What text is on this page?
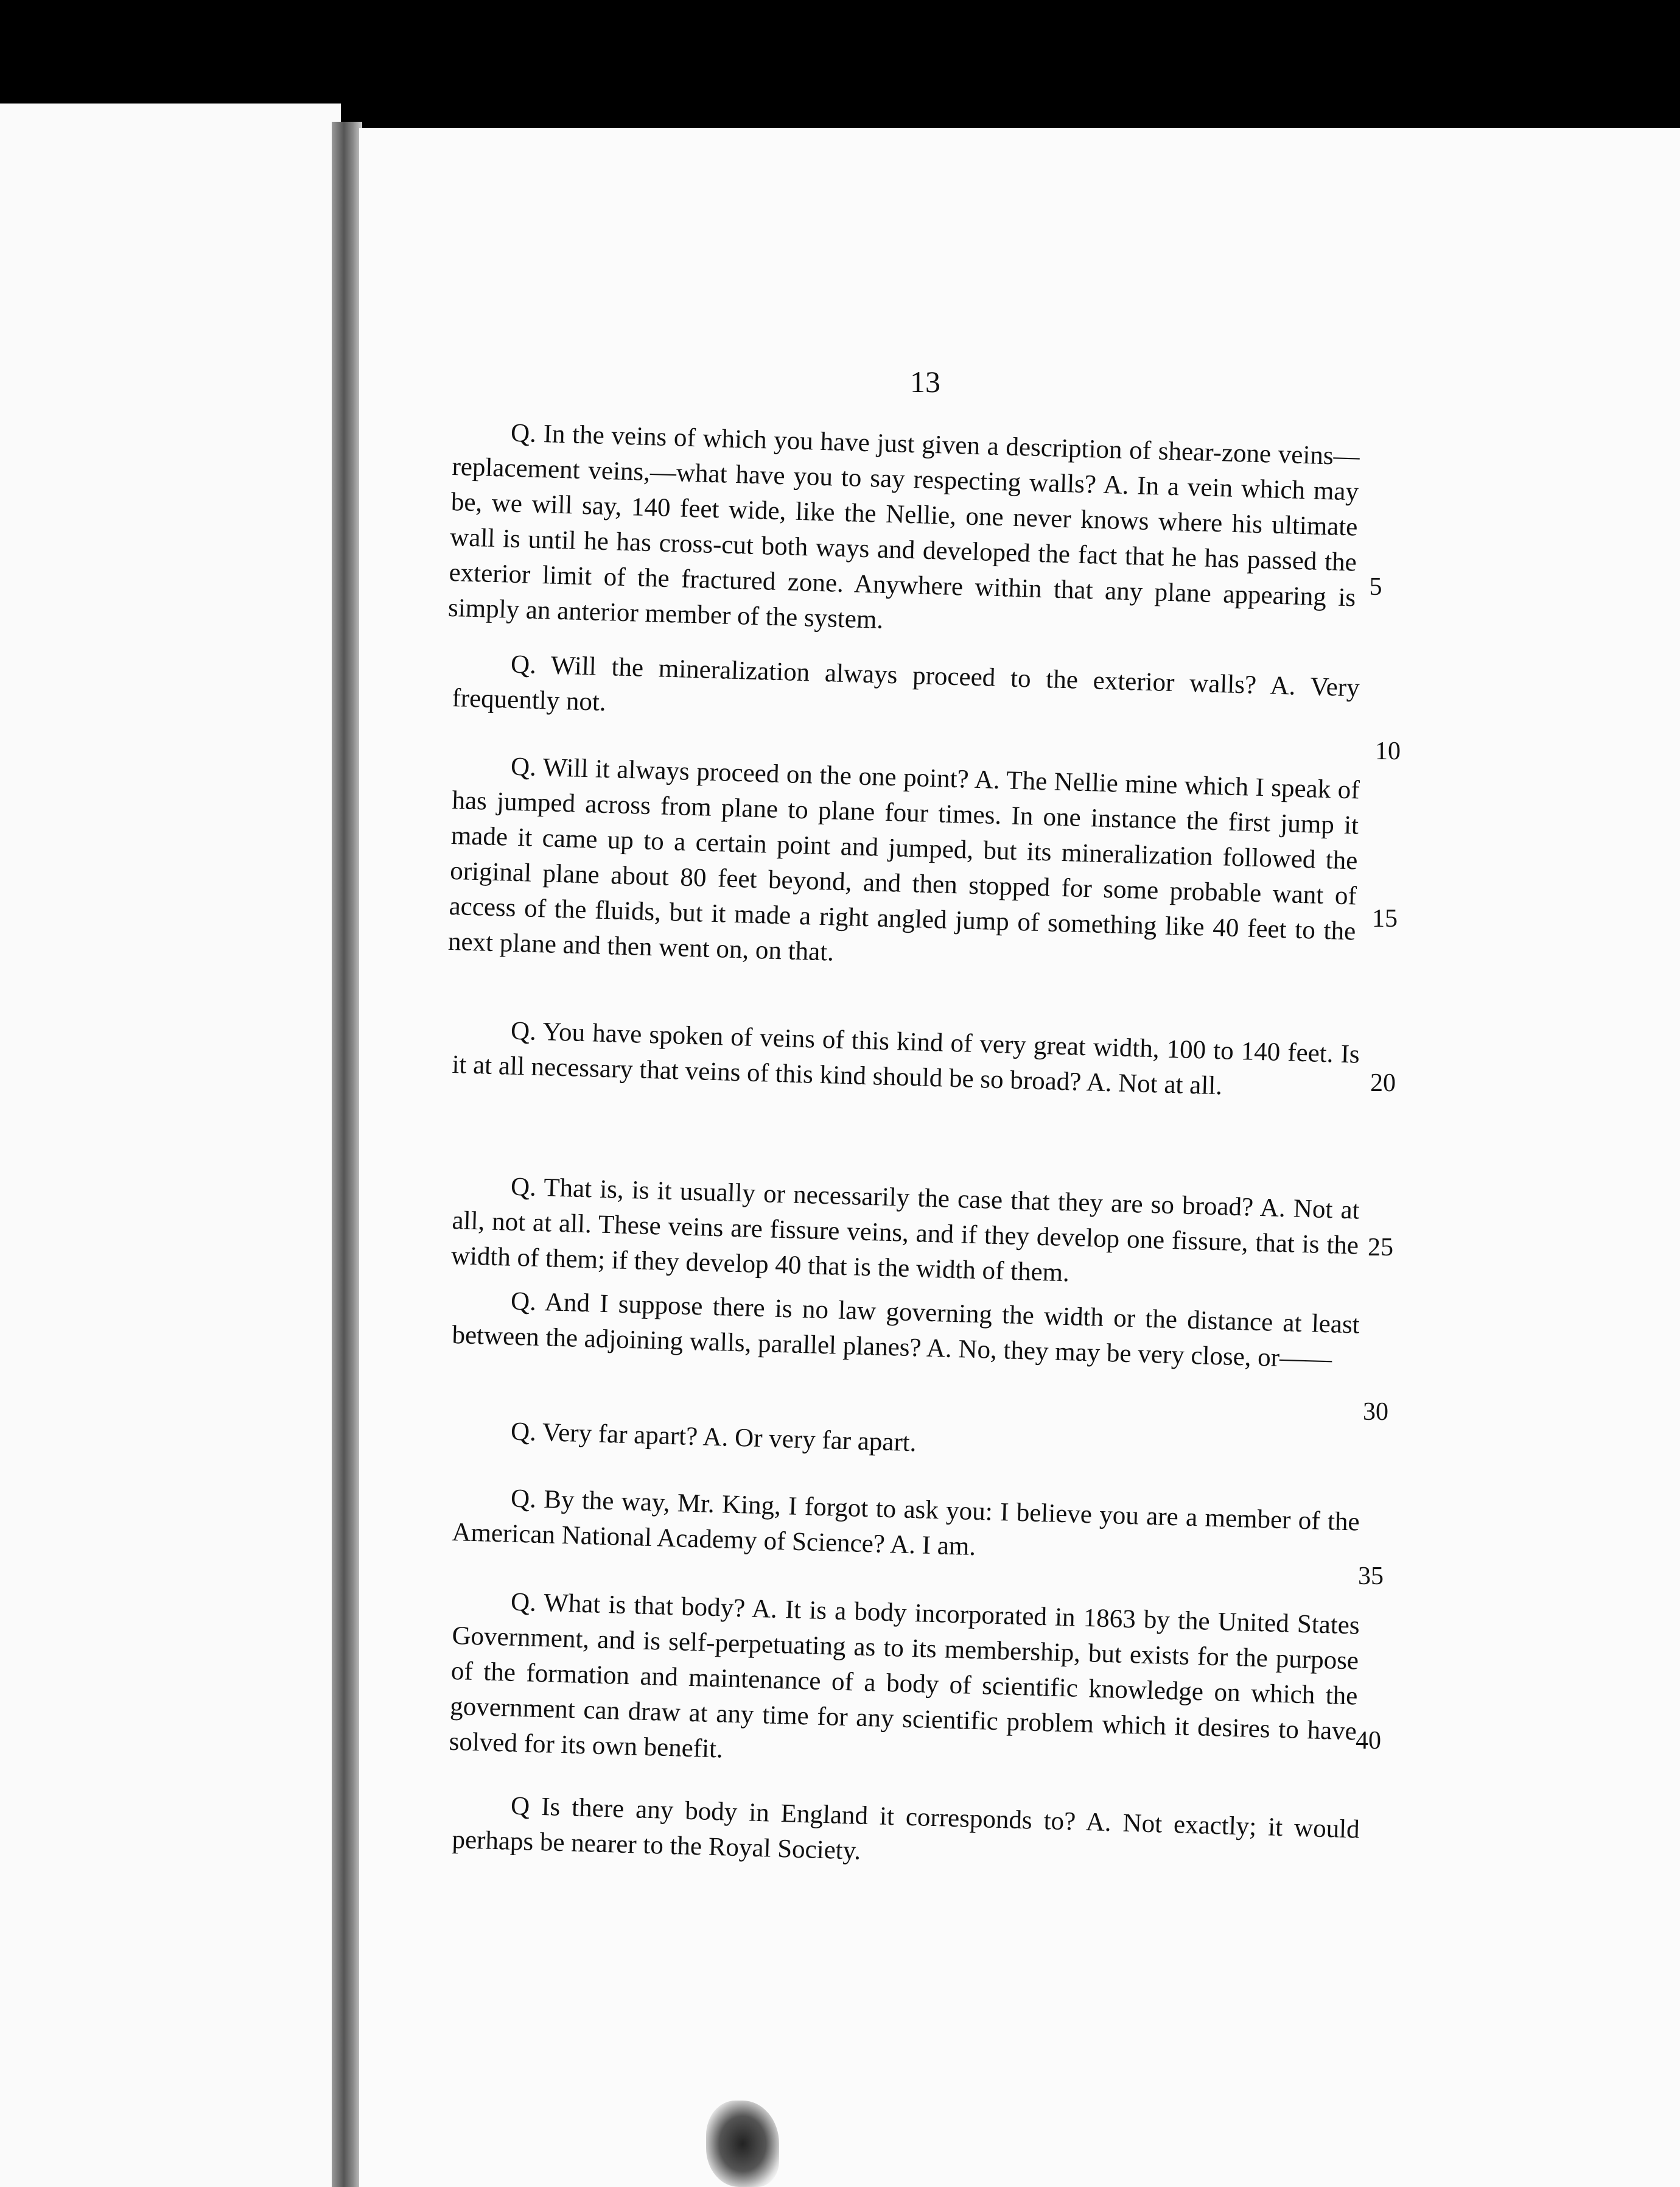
13

Q. In the veins of which you have just given a description of shear-zone veins—replacement veins,—what have you to say respecting walls? A. In a vein which may be, we will say, 140 feet wide, like the Nellie, one never knows where his ultimate wall is until he has cross-cut both ways and developed the fact that he has passed the exterior limit of the fractured zone. Anywhere within that any plane appearing is simply an anterior member of the system.

Q. Will the mineralization always proceed to the exterior walls? A. Very frequently not.

Q. Will it always proceed on the one point? A. The Nellie mine which I speak of has jumped across from plane to plane four times. In one instance the first jump it made it came up to a certain point and jumped, but its mineralization followed the original plane about 80 feet beyond, and then stopped for some probable want of access of the fluids, but it made a right angled jump of something like 40 feet to the next plane and then went on, on that.

Q. You have spoken of veins of this kind of very great width, 100 to 140 feet. Is it at all necessary that veins of this kind should be so broad? A. Not at all.

Q. That is, is it usually or necessarily the case that they are so broad? A. Not at all, not at all. These veins are fissure veins, and if they develop one fissure, that is the width of them; if they develop 40 that is the width of them.

Q. And I suppose there is no law governing the width or the distance at least between the adjoining walls, parallel planes? A. No, they may be very close, or——

Q. Very far apart? A. Or very far apart.

Q. By the way, Mr. King, I forgot to ask you: I believe you are a member of the American National Academy of Science? A. I am.

Q. What is that body? A. It is a body incorporated in 1863 by the United States Government, and is self-perpetuating as to its membership, but exists for the purpose of the formation and maintenance of a body of scientific knowledge on which the government can draw at any time for any scientific problem which it desires to have solved for its own benefit.

Q Is there any body in England it corresponds to? A. Not exactly; it would perhaps be nearer to the Royal Society.

5
10
15
20
25
30
35
40
